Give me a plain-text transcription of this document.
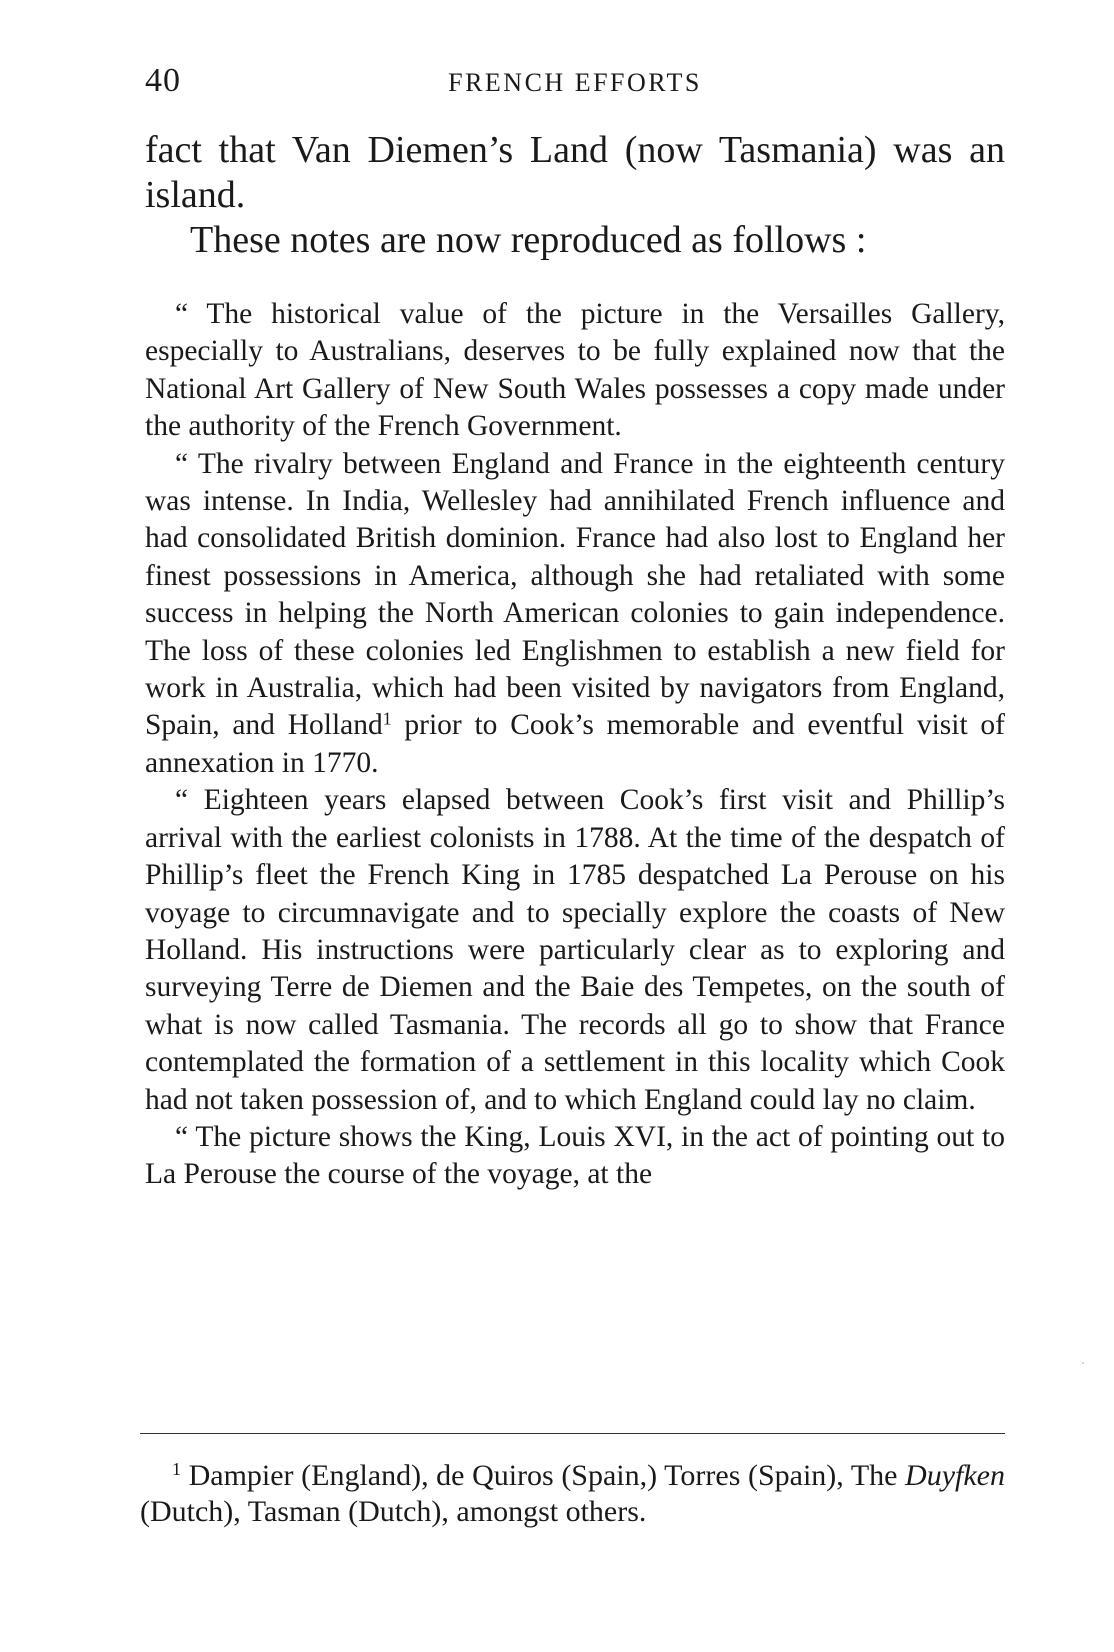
40	FRENCH EFFORTS

fact that Van Diemen’s Land (now Tasmania) was an island.

These notes are now reproduced as follows :

“ The historical value of the picture in the Versailles Gallery, especially to Australians, deserves to be fully explained now that the National Art Gallery of New South Wales possesses a copy made under the authority of the French Government.

“ The rivalry between England and France in the eighteenth century was intense. In India, Wellesley had annihilated French influence and had consolidated British dominion. France had also lost to England her finest possessions in America, although she had retaliated with some success in helping the North American colonies to gain independence. The loss of these colonies led Englishmen to establish a new field for work in Australia, which had been visited by navigators from England, Spain, and Holland$^1$ prior to Cook’s memorable and eventful visit of annexation in 1770.

“ Eighteen years elapsed between Cook’s first visit and Phillip’s arrival with the earliest colonists in 1788. At the time of the despatch of Phillip’s fleet the French King in 1785 despatched La Perouse on his voyage to circumnavigate and to specially explore the coasts of New Holland. His instructions were particularly clear as to exploring and surveying Terre de Diemen and the Baie des Tempetes, on the south of what is now called Tasmania. The records all go to show that France contemplated the formation of a settlement in this locality which Cook had not taken possession of, and to which England could lay no claim.

“ The picture shows the King, Louis XVI, in the act of pointing out to La Perouse the course of the voyage, at the

$^1$ Dampier (England), de Quiros (Spain,) Torres (Spain), The Duyfken (Dutch), Tasman (Dutch), amongst others.
